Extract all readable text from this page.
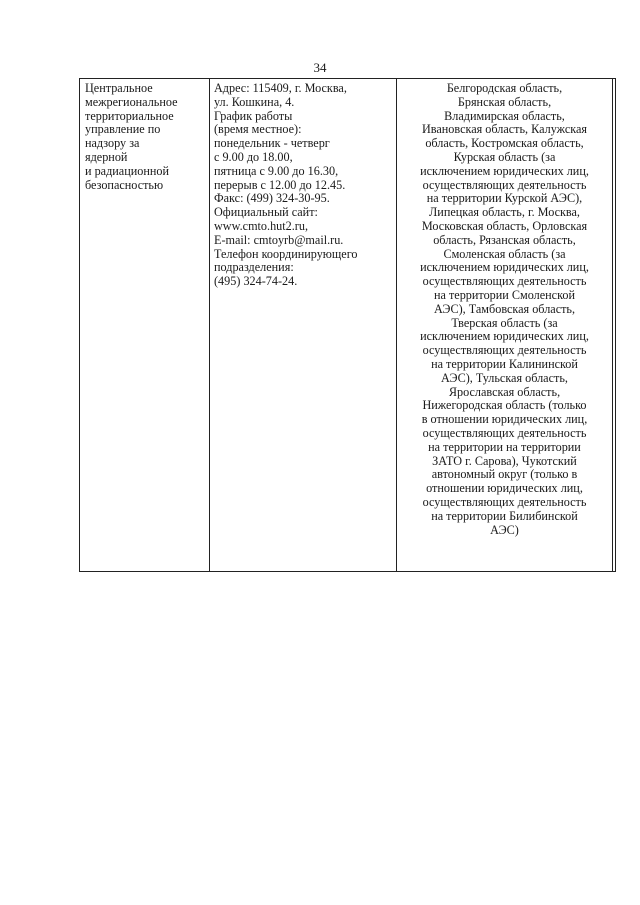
34
Центральное
межрегиональное
территориальное
управление по
надзору за
ядерной
и радиационной
безопасностью
Адрес: 115409, г. Москва,
ул. Кошкина, 4.
График работы
(время местное):
понедельник - четверг
с 9.00 до 18.00,
пятница с 9.00 до 16.30,
перерыв с 12.00 до 12.45.
Факс: (499) 324-30-95.
Официальный сайт:
www.cmto.hut2.ru,
E-mail: cmtoyrb@mail.ru.
Телефон координирующего
подразделения:
(495) 324-74-24.
Белгородская область,
Брянская область,
Владимирская область,
Ивановская область, Калужская
область, Костромская область,
Курская область (за
исключением юридических лиц,
осуществляющих деятельность
на территории Курской АЭС),
Липецкая область, г. Москва,
Московская область, Орловская
область, Рязанская область,
Смоленская область (за
исключением юридических лиц,
осуществляющих деятельность
на территории Смоленской
АЭС), Тамбовская область,
Тверская область (за
исключением юридических лиц,
осуществляющих деятельность
на территории Калининской
АЭС), Тульская область,
Ярославская область,
Нижегородская область (только
в отношении юридических лиц,
осуществляющих деятельность
на территории на территории
ЗАТО г. Сарова), Чукотский
автономный округ (только в
отношении юридических лиц,
осуществляющих деятельность
на территории Билибинской
АЭС)
